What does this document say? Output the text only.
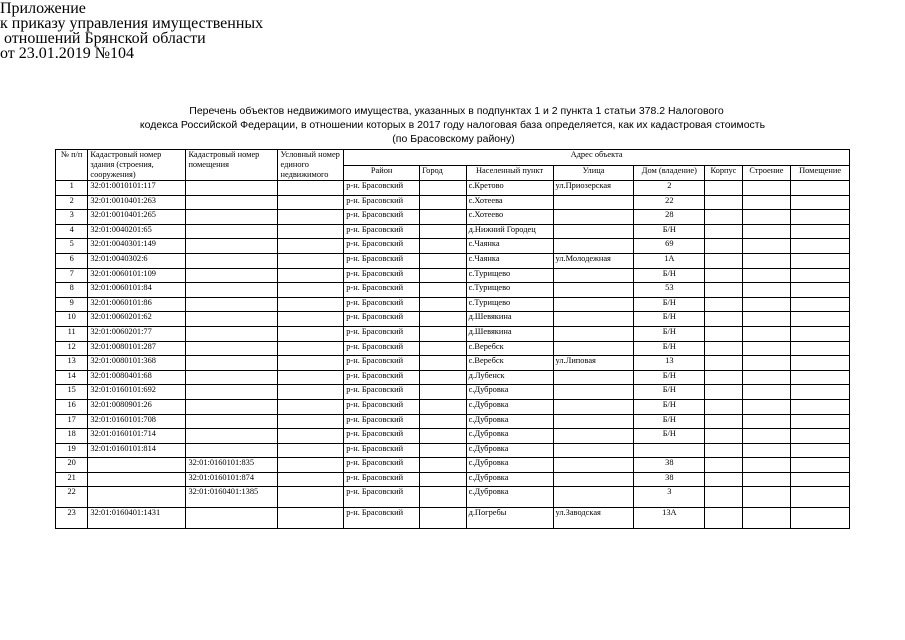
Приложение
к приказу управления имущественных
отношений Брянской области
от 23.01.2019 №104
Перечень объектов недвижимого имущества, указанных в подпунктах 1 и 2 пункта 1 статьи 378.2 Налогового
кодекса Российской Федерации, в отношении которых в 2017 году налоговая база определяется, как их кадастровая стоимость
(по Брасовскому району)
№ п/п	Кадастровый номер здания (строения, сооружения)	Кадастровый номер помещения	Условный номер единого недвижимого	Адрес объекта							
				Район	Город	Населенный пункт	Улица	Дом (владение)	Корпус	Строение	Помещение
1	32:01:0010101:117			р-н. Брасовский		с.Кретово	ул.Приозерская	2			
2	32:01:0010401:263			р-н. Брасовский		с.Хотеева		22			
3	32:01:0010401:265			р-н. Брасовский		с.Хотеево		28			
4	32:01:0040201:65			р-н. Брасовский		д.Нижний Городец		Б/Н			
5	32:01:0040301:149			р-н. Брасовский		с.Чаянка		69			
6	32:01:0040302:6			р-н. Брасовский		с.Чаянка	ул.Молодежная	1А			
7	32:01:0060101:109			р-н. Брасовский		с.Турищево		Б/Н			
8	32:01:0060101:84			р-н. Брасовский		с.Турищево		53			
9	32:01:0060101:86			р-н. Брасовский		с.Турищево		Б/Н			
10	32:01:0060201:62			р-н. Брасовский		д.Шевякина		Б/Н			
11	32:01:0060201:77			р-н. Брасовский		д.Шевякина		Б/Н			
12	32:01:0080101:287			р-н. Брасовский		с.Веребск		Б/Н			
13	32:01:0080101:368			р-н. Брасовский		с.Веребск	ул.Липовая	13			
14	32:01:0080401:68			р-н. Брасовский		д.Лубенск		Б/Н			
15	32:01:0160101:692			р-н. Брасовский		с.Дубровка		Б/Н			
16	32:01:0080901:26			р-н. Брасовский		с.Дубровка		Б/Н			
17	32:01:0160101:708			р-н. Брасовский		с.Дубровка		Б/Н			
18	32:01:0160101:714			р-н. Брасовский		с.Дубровка		Б/Н			
19	32:01:0160101:814			р-н. Брасовский		с.Дубровка					
20		32:01:0160101:835		р-н. Брасовский		с.Дубровка		38			
21		32:01:0160101:874		р-н. Брасовский		с.Дубровка		38			
22		32:01:0160401:1385		р-н. Брасовский		с.Дубровка		3			
23	32:01:0160401:1431			р-н. Брасовский		д.Погребы	ул.Заводская	13А			
